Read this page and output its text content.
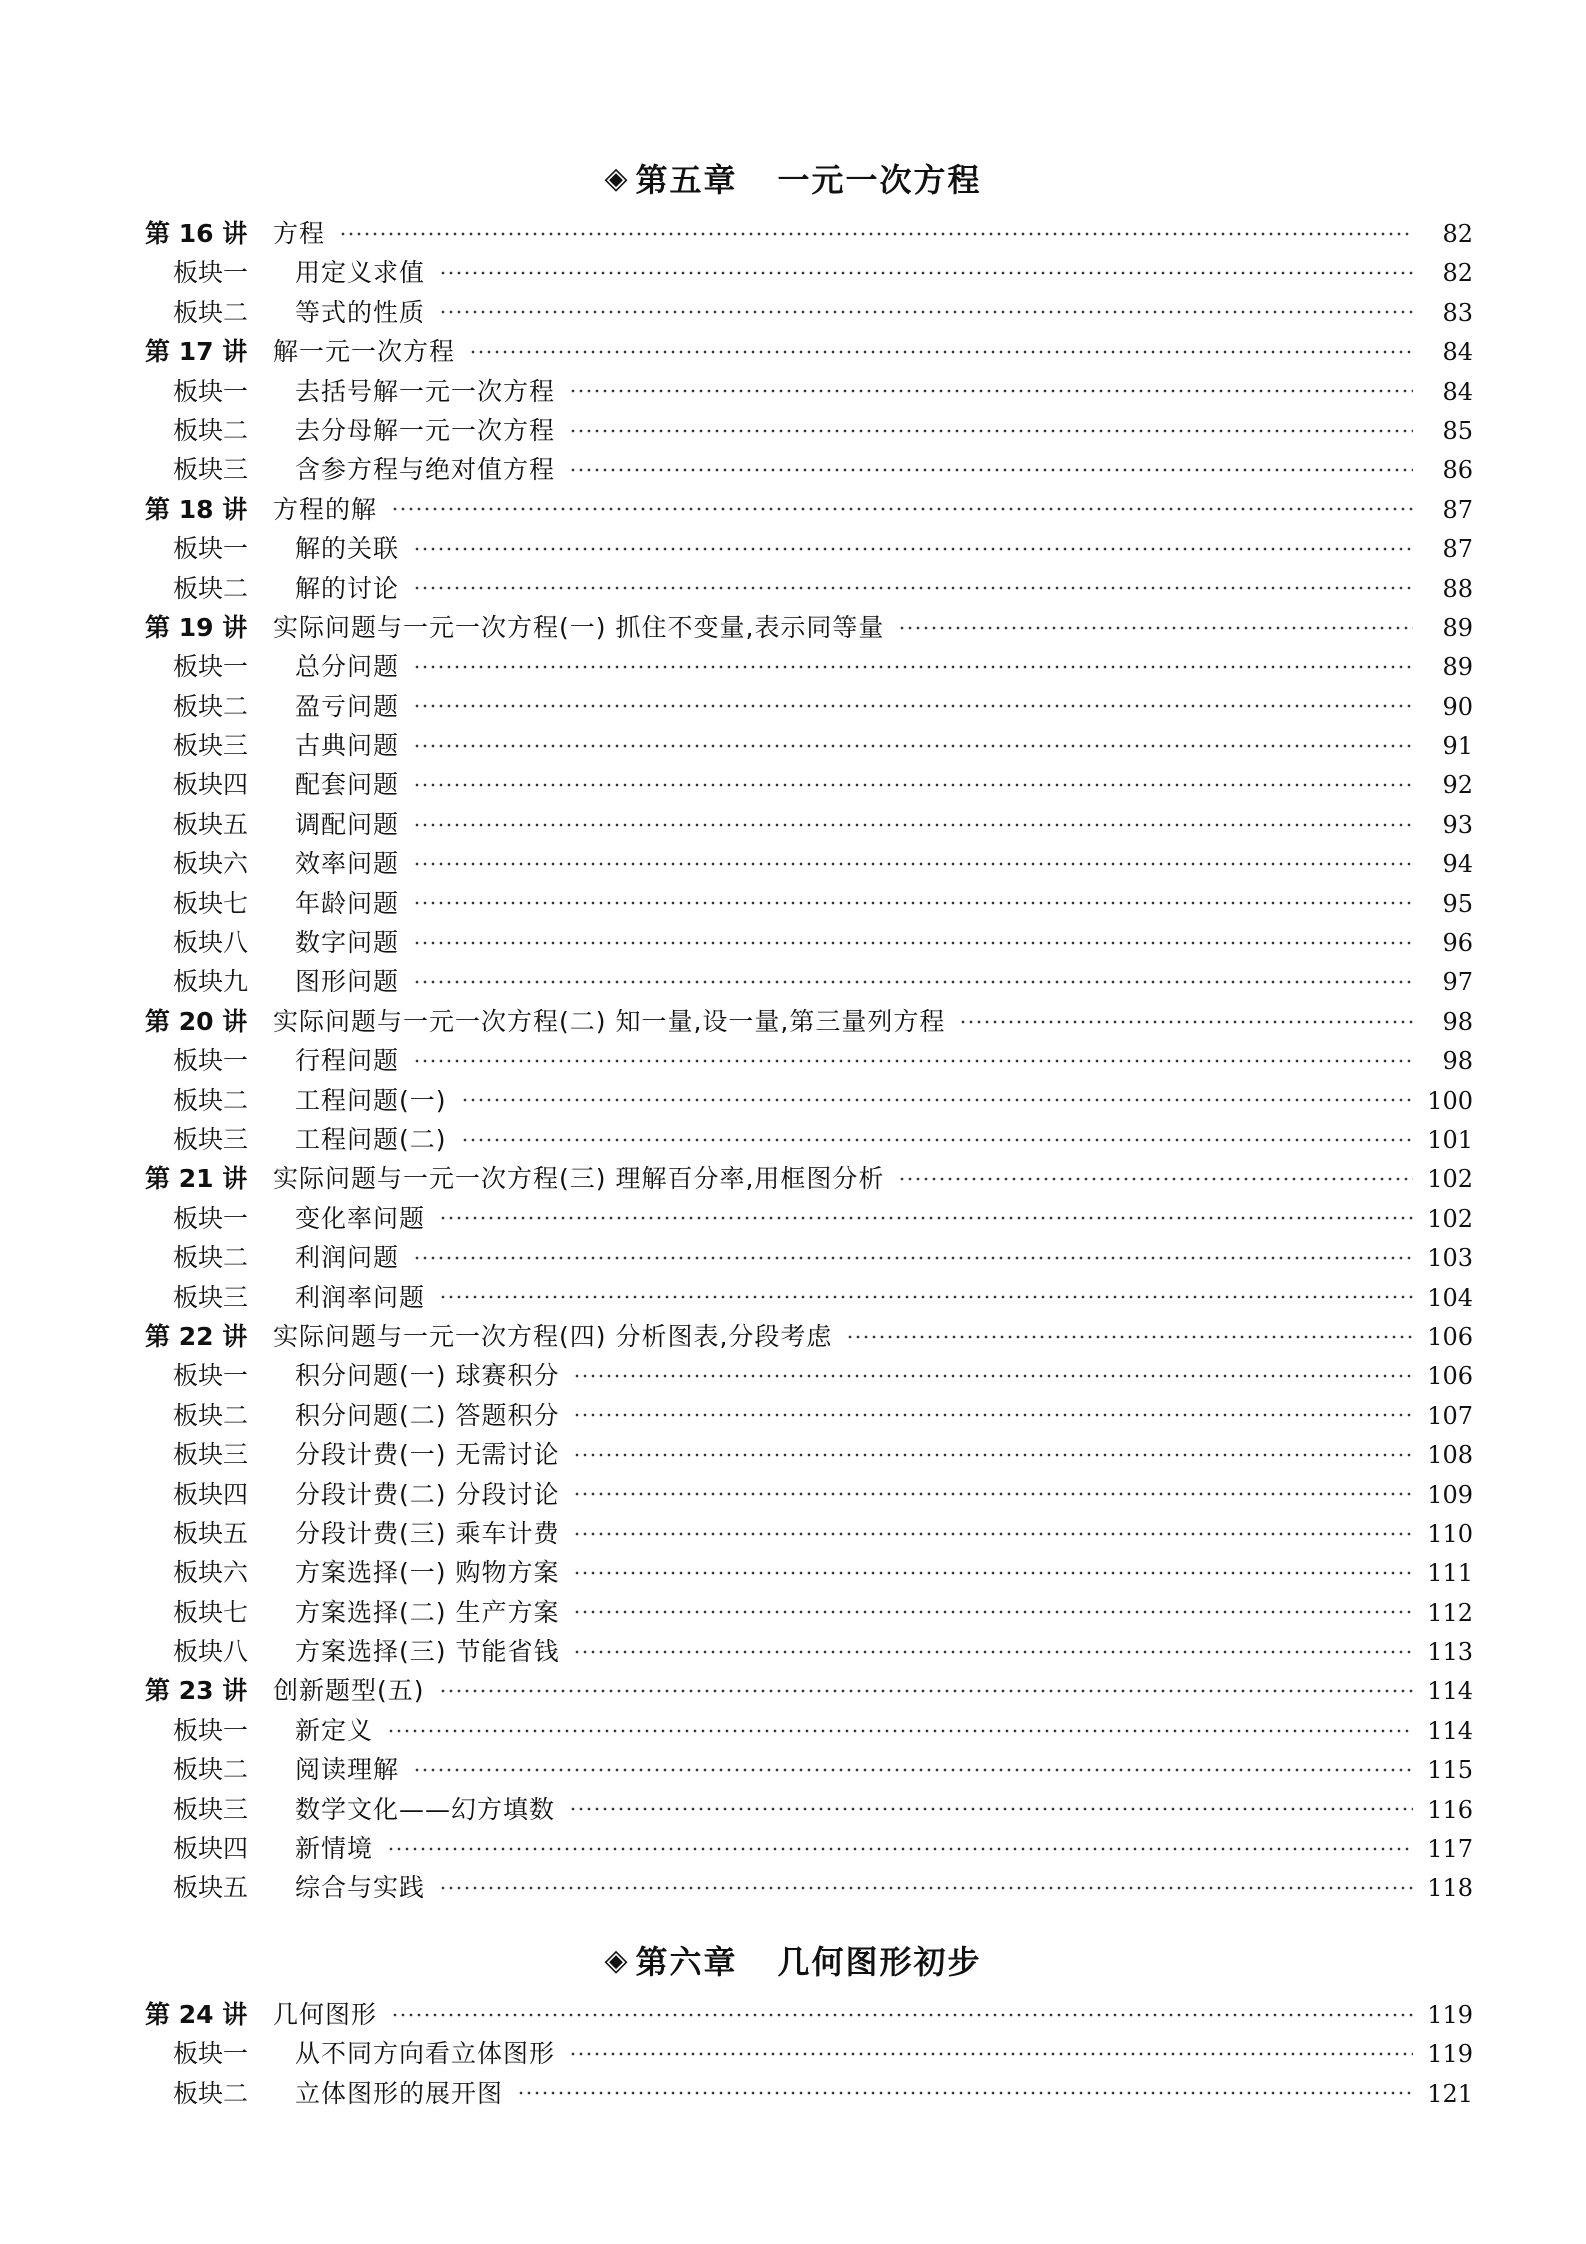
◈ 第五章 一元一次方程
第 16 讲	方程	82
板块一	用定义求值	82
板块二	等式的性质	83
第 17 讲	解一元一次方程	84
板块一	去括号解一元一次方程	84
板块二	去分母解一元一次方程	85
板块三	含参方程与绝对值方程	86
第 18 讲	方程的解	87
板块一	解的关联	87
板块二	解的讨论	88
第 19 讲	实际问题与一元一次方程(一) 抓住不变量,表示同等量	89
板块一	总分问题	89
板块二	盈亏问题	90
板块三	古典问题	91
板块四	配套问题	92
板块五	调配问题	93
板块六	效率问题	94
板块七	年龄问题	95
板块八	数字问题	96
板块九	图形问题	97
第 20 讲	实际问题与一元一次方程(二) 知一量,设一量,第三量列方程	98
板块一	行程问题	98
板块二	工程问题(一)	100
板块三	工程问题(二)	101
第 21 讲	实际问题与一元一次方程(三) 理解百分率,用框图分析	102
板块一	变化率问题	102
板块二	利润问题	103
板块三	利润率问题	104
第 22 讲	实际问题与一元一次方程(四) 分析图表,分段考虑	106
板块一	积分问题(一) 球赛积分	106
板块二	积分问题(二) 答题积分	107
板块三	分段计费(一) 无需讨论	108
板块四	分段计费(二) 分段讨论	109
板块五	分段计费(三) 乘车计费	110
板块六	方案选择(一) 购物方案	111
板块七	方案选择(二) 生产方案	112
板块八	方案选择(三) 节能省钱	113
第 23 讲	创新题型(五)	114
板块一	新定义	114
板块二	阅读理解	115
板块三	数学文化——幻方填数	116
板块四	新情境	117
板块五	综合与实践	118
◈ 第六章 几何图形初步
第 24 讲	几何图形	119
板块一	从不同方向看立体图形	119
板块二	立体图形的展开图	121
